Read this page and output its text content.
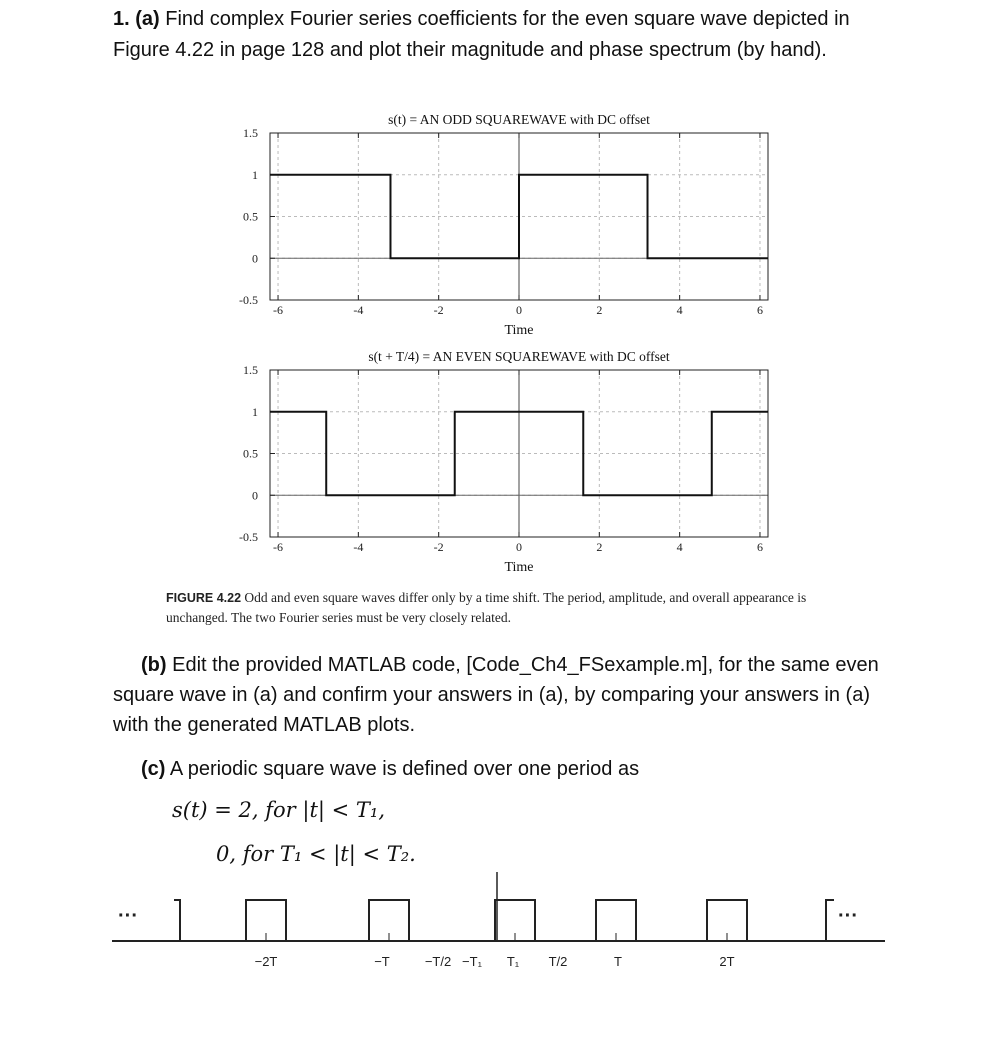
1. (a) Find complex Fourier series coefficients for the even square wave depicted in Figure 4.22 in page 128 and plot their magnitude and phase spectrum (by hand).
-6	-4	-2	0	2	4	6
1.5
1
0.5
0
-0.5
s(t) = AN ODD SQUAREWAVE with DC offset
Time
-6	-4	-2	0	2	4	6
1.5
1
0.5
0
-0.5
s(t + T/4) = AN EVEN SQUAREWAVE with DC offset
Time
···	···
−2T	−T	−T/2 −T₁ T₁ T/2	T	2T
FIGURE 4.22 Odd and even square waves differ only by a time shift. The period, amplitude, and overall appearance is unchanged. The two Fourier series must be very closely related.
(b) Edit the provided MATLAB code, [Code_Ch4_FSexample.m], for the same even square wave in (a) and confirm your answers in (a), by comparing your answers in (a) with the generated MATLAB plots.
(c) A periodic square wave is defined over one period as
s(t) = 2, for |t| < T₁,
0, for T₁ < |t| < T₂.
